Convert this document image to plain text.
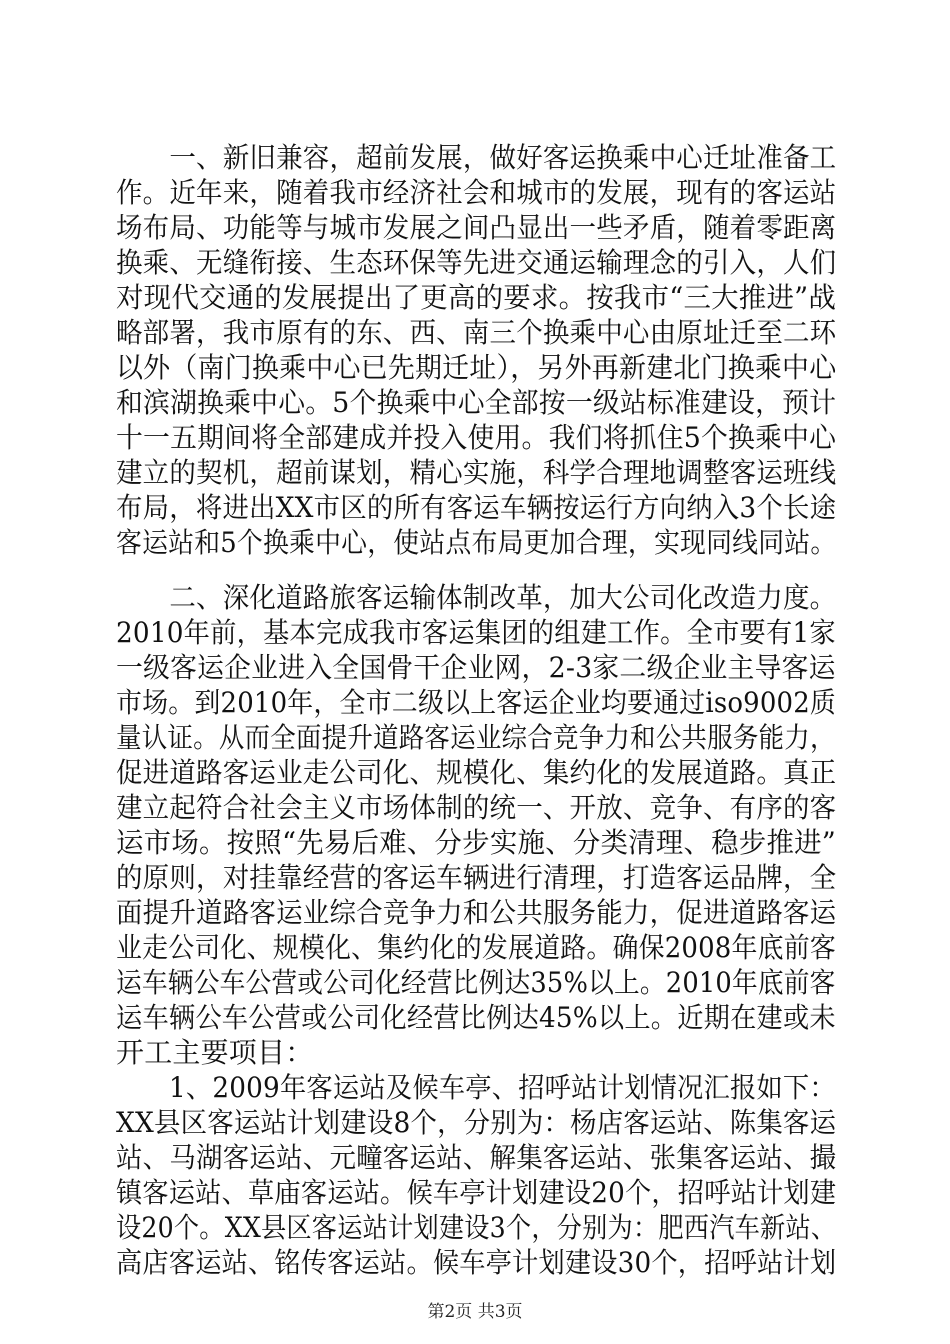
　　一、新旧兼容，超前发展，做好客运换乘中心迁址准备工
作。近年来，随着我市经济社会和城市的发展，现有的客运站
场布局、功能等与城市发展之间凸显出一些矛盾，随着零距离
换乘、无缝衔接、生态环保等先进交通运输理念的引入，人们
对现代交通的发展提出了更高的要求。按我市“三大推进”战
略部署，我市原有的东、西、南三个换乘中心由原址迁至二环
以外（南门换乘中心已先期迁址），另外再新建北门换乘中心
和滨湖换乘中心。5个换乘中心全部按一级站标准建设，预计
十一五期间将全部建成并投入使用。我们将抓住5个换乘中心
建立的契机，超前谋划，精心实施，科学合理地调整客运班线
布局，将进出XX市区的所有客运车辆按运行方向纳入3个长途
客运站和5个换乘中心，使站点布局更加合理，实现同线同站。
　　二、深化道路旅客运输体制改革，加大公司化改造力度。
2010年前，基本完成我市客运集团的组建工作。全市要有1家
一级客运企业进入全国骨干企业网，2-3家二级企业主导客运
市场。到2010年，全市二级以上客运企业均要通过iso9002质
量认证。从而全面提升道路客运业综合竞争力和公共服务能力，
促进道路客运业走公司化、规模化、集约化的发展道路。真正
建立起符合社会主义市场体制的统一、开放、竞争、有序的客
运市场。按照“先易后难、分步实施、分类清理、稳步推进”
的原则，对挂靠经营的客运车辆进行清理，打造客运品牌，全
面提升道路客运业综合竞争力和公共服务能力，促进道路客运
业走公司化、规模化、集约化的发展道路。确保2008年底前客
运车辆公车公营或公司化经营比例达35%以上。2010年底前客
运车辆公车公营或公司化经营比例达45%以上。近期在建或未
开工主要项目：
　　1、2009年客运站及候车亭、招呼站计划情况汇报如下：
XX县区客运站计划建设8个，分别为：杨店客运站、陈集客运
站、马湖客运站、元疃客运站、解集客运站、张集客运站、撮
镇客运站、草庙客运站。候车亭计划建设20个，招呼站计划建
设20个。XX县区客运站计划建设3个，分别为：肥西汽车新站、
高店客运站、铭传客运站。候车亭计划建设30个，招呼站计划
第2页 共3页
